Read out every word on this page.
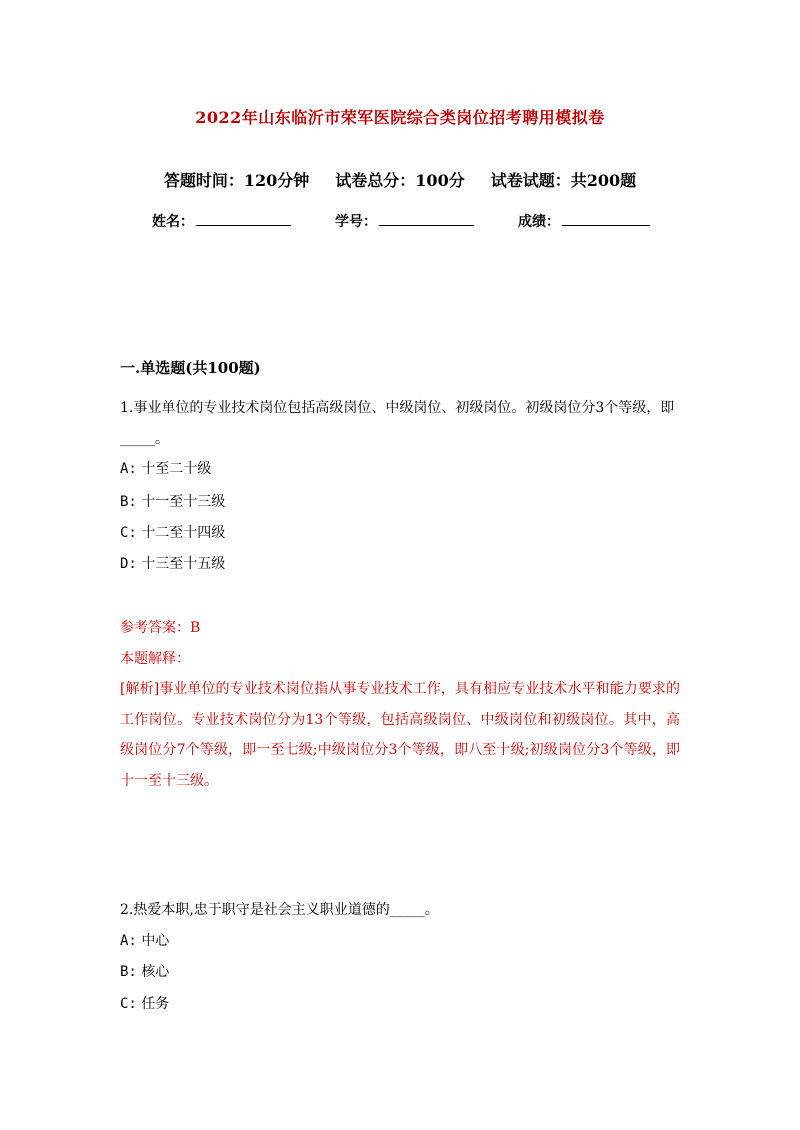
2022年山东临沂市荣军医院综合类岗位招考聘用模拟卷
答题时间：120分钟 试卷总分：100分 试卷试题：共200题
姓名：	学号：	成绩：
一.单选题(共100题)
1.事业单位的专业技术岗位包括高级岗位、中级岗位、初级岗位。初级岗位分3个等级，即_____。
A: 十至二十级
B: 十一至十三级
C: 十二至十四级
D: 十三至十五级
参考答案：B
本题解释：
[解析]事业单位的专业技术岗位指从事专业技术工作，具有相应专业技术水平和能力要求的工作岗位。专业技术岗位分为13个等级，包括高级岗位、中级岗位和初级岗位。其中，高级岗位分7个等级，即一至七级;中级岗位分3个等级，即八至十级;初级岗位分3个等级，即十一至十三级。
2.热爱本职,忠于职守是社会主义职业道德的_____。
A: 中心
B: 核心
C: 任务
